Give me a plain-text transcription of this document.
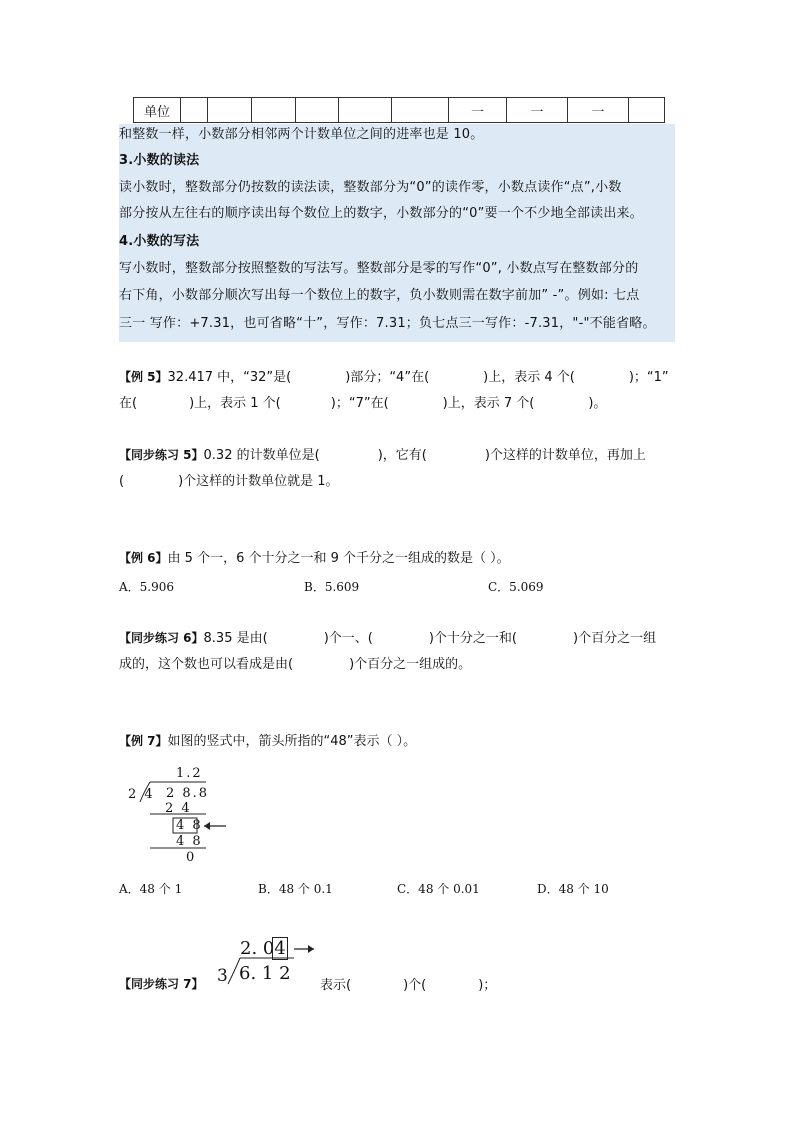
单位							一	一	一	
和整数一样，小数部分相邻两个计数单位之间的进率也是 10。
3.小数的读法
读小数时，整数部分仍按数的读法读，整数部分为“0”的读作零，小数点读作“点”,小数
部分按从左往右的顺序读出每个数位上的数字，小数部分的“0”要一个不少地全部读出来。
4.小数的写法
写小数时，整数部分按照整数的写法写。整数部分是零的写作“0”, 小数点写在整数部分的
右下角，小数部分顺次写出每一个数位上的数字，负小数则需在数字前加” -”。例如: 七点
三一 写作：+7.31，也可省略“十”，写作：7.31；负七点三一写作：-7.31，"-"不能省略。
【例 5】32.417 中，“32”是(	)部分；“4”在(	)上，表示 4 个(	)；“1”
在(	)上，表示 1 个(	)；“7”在(	)上，表示 7 个(	)。
【同步练习 5】0.32 的计数单位是(	)，它有(	)个这样的计数单位，再加上
(	)个这样的计数单位就是 1。
【例 6】由 5 个一，6 个十分之一和 9 个千分之一组成的数是（ ）。
A．5.906	B．5.609	C．5.069
【同步练习 6】8.35 是由(	)个一、(	)个十分之一和(	)个百分之一组
成的，这个数也可以看成是由(	)个百分之一组成的。
【例 7】如图的竖式中，箭头所指的“48”表示（ ）。
1.2
2 4 2 8.8
2 4
4 8
4 8
0
A．48 个 1	B．48 个 0.1	C．48 个 0.01	D．48 个 10
2. 0 4
3 6. 1 2
【同步练习 7】	表示(	)个(	)；
